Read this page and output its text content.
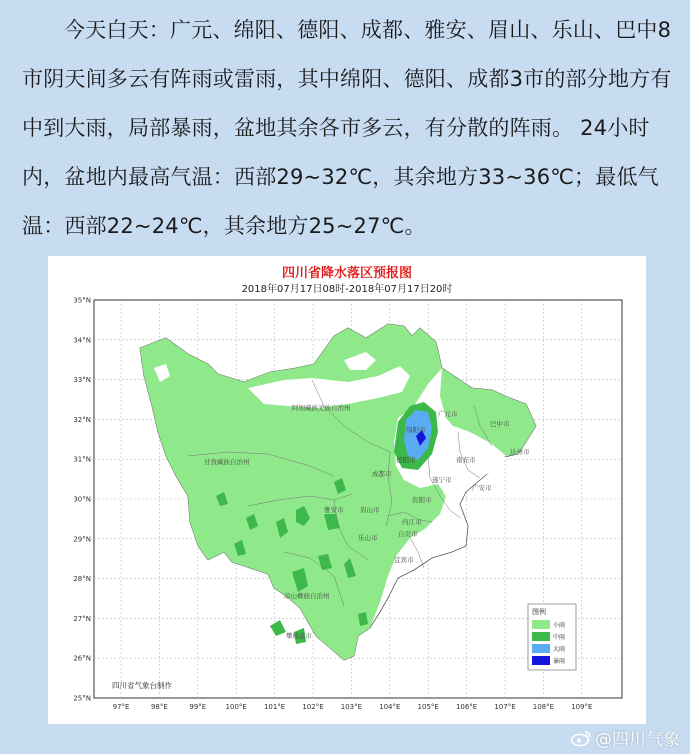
今天白天：广元、绵阳、德阳、成都、雅安、眉山、乐山、巴中8市阴天间多云有阵雨或雷雨，其中绵阳、德阳、成都3市的部分地方有中到大雨，局部暴雨，盆地其余各市多云，有分散的阵雨。 24小时内，盆地内最高气温：西部29~32℃，其余地方33~36℃；最低气温：西部22~24℃，其余地方25~27℃。
四川省降水落区预报图
2018年07月17日08时-2018年07月17日20时
35°N
34°N
33°N
32°N
31°N
30°N
29°N
28°N
27°N
26°N
25°N
97°E	98°E	99°E	100°E 101°E 102°E 103°E 104°E 105°E 106°E 107°E 108°E 109°E
阿坝藏族羌族自治州
甘孜藏族自治州
广元市
巴中市
绵阳市
达州市
德阳市	南充市
成都市
遂宁市
广安市
资阳市
雅安市	眉山市
内江市
乐山市	自贡市
宜宾市
凉山彝族自治州
攀枝花市
四川省气象台制作
图例
小雨
中雨
大雨
暴雨
@四川气象
